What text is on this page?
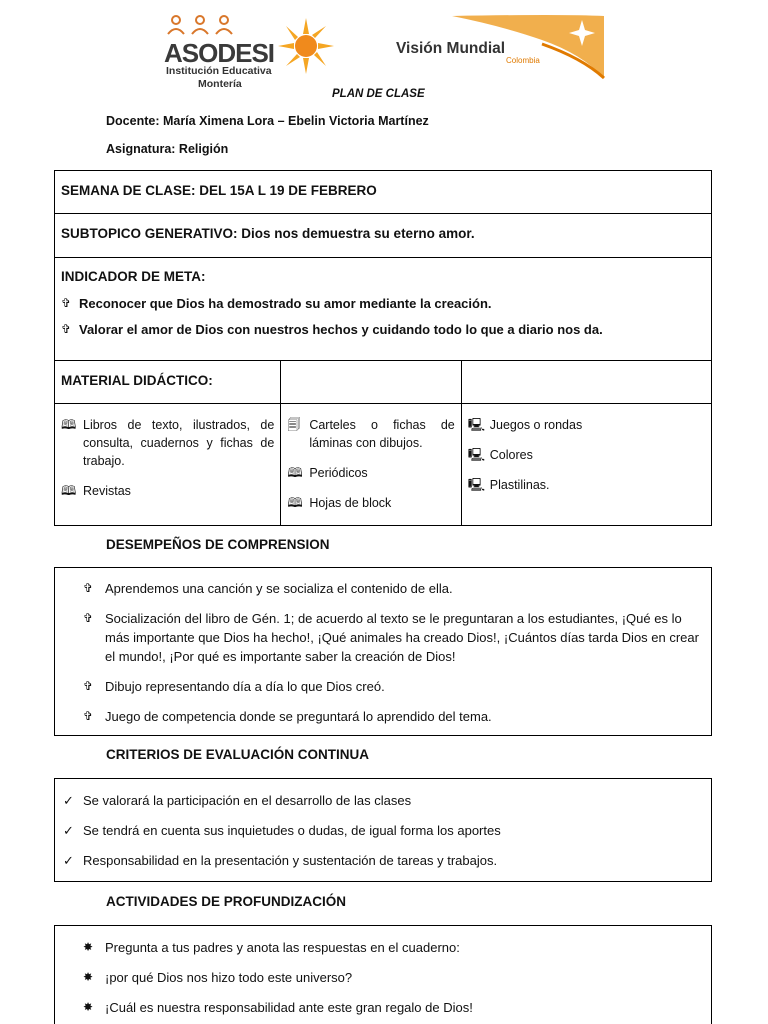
ASODESI
Institución Educativa
Montería
Visión Mundial
Colombia
PLAN DE CLASE
Docente: María Ximena Lora – Ebelin Victoria Martínez
Asignatura: Religión
SEMANA DE CLASE: DEL 15A L 19 DE FEBRERO
SUBTOPICO GENERATIVO: Dios nos demuestra su eterno amor.
INDICADOR DE META:
✞ Reconocer que Dios ha demostrado su amor mediante la creación.
✞ Valorar el amor de Dios con nuestros hechos y cuidando todo lo que a diario nos da.
MATERIAL DIDÁCTICO:
🕮 Libros de texto, ilustrados, de consulta, cuadernos y fichas de trabajo.
🕮 Revistas
🗐 Carteles o fichas de láminas con dibujos.
🕮 Periódicos
🕮 Hojas de block
🖳 Juegos o rondas
🖳 Colores
🖳 Plastilinas.
DESEMPEÑOS DE COMPRENSION
✞ Aprendemos una canción y se socializa el contenido de ella.
✞ Socialización del libro de Gén. 1; de acuerdo al texto se le preguntaran a los estudiantes, ¡Qué es lo más importante que Dios ha hecho!, ¡Qué animales ha creado Dios!, ¡Cuántos días tarda Dios en crear el mundo!, ¡Por qué es importante saber la creación de Dios!
✞ Dibujo representando día a día lo que Dios creó.
✞ Juego de competencia donde se preguntará lo aprendido del tema.
CRITERIOS DE EVALUACIÓN CONTINUA
✓ Se valorará la participación en el desarrollo de las clases
✓ Se tendrá en cuenta sus inquietudes o dudas, de igual forma los aportes
✓ Responsabilidad en la presentación y sustentación de tareas y trabajos.
ACTIVIDADES DE PROFUNDIZACIÓN
✸ Pregunta a tus padres y anota las respuestas en el cuaderno:
✸ ¡por qué Dios nos hizo todo este universo?
✸ ¡Cuál es nuestra responsabilidad ante este gran regalo de Dios!
